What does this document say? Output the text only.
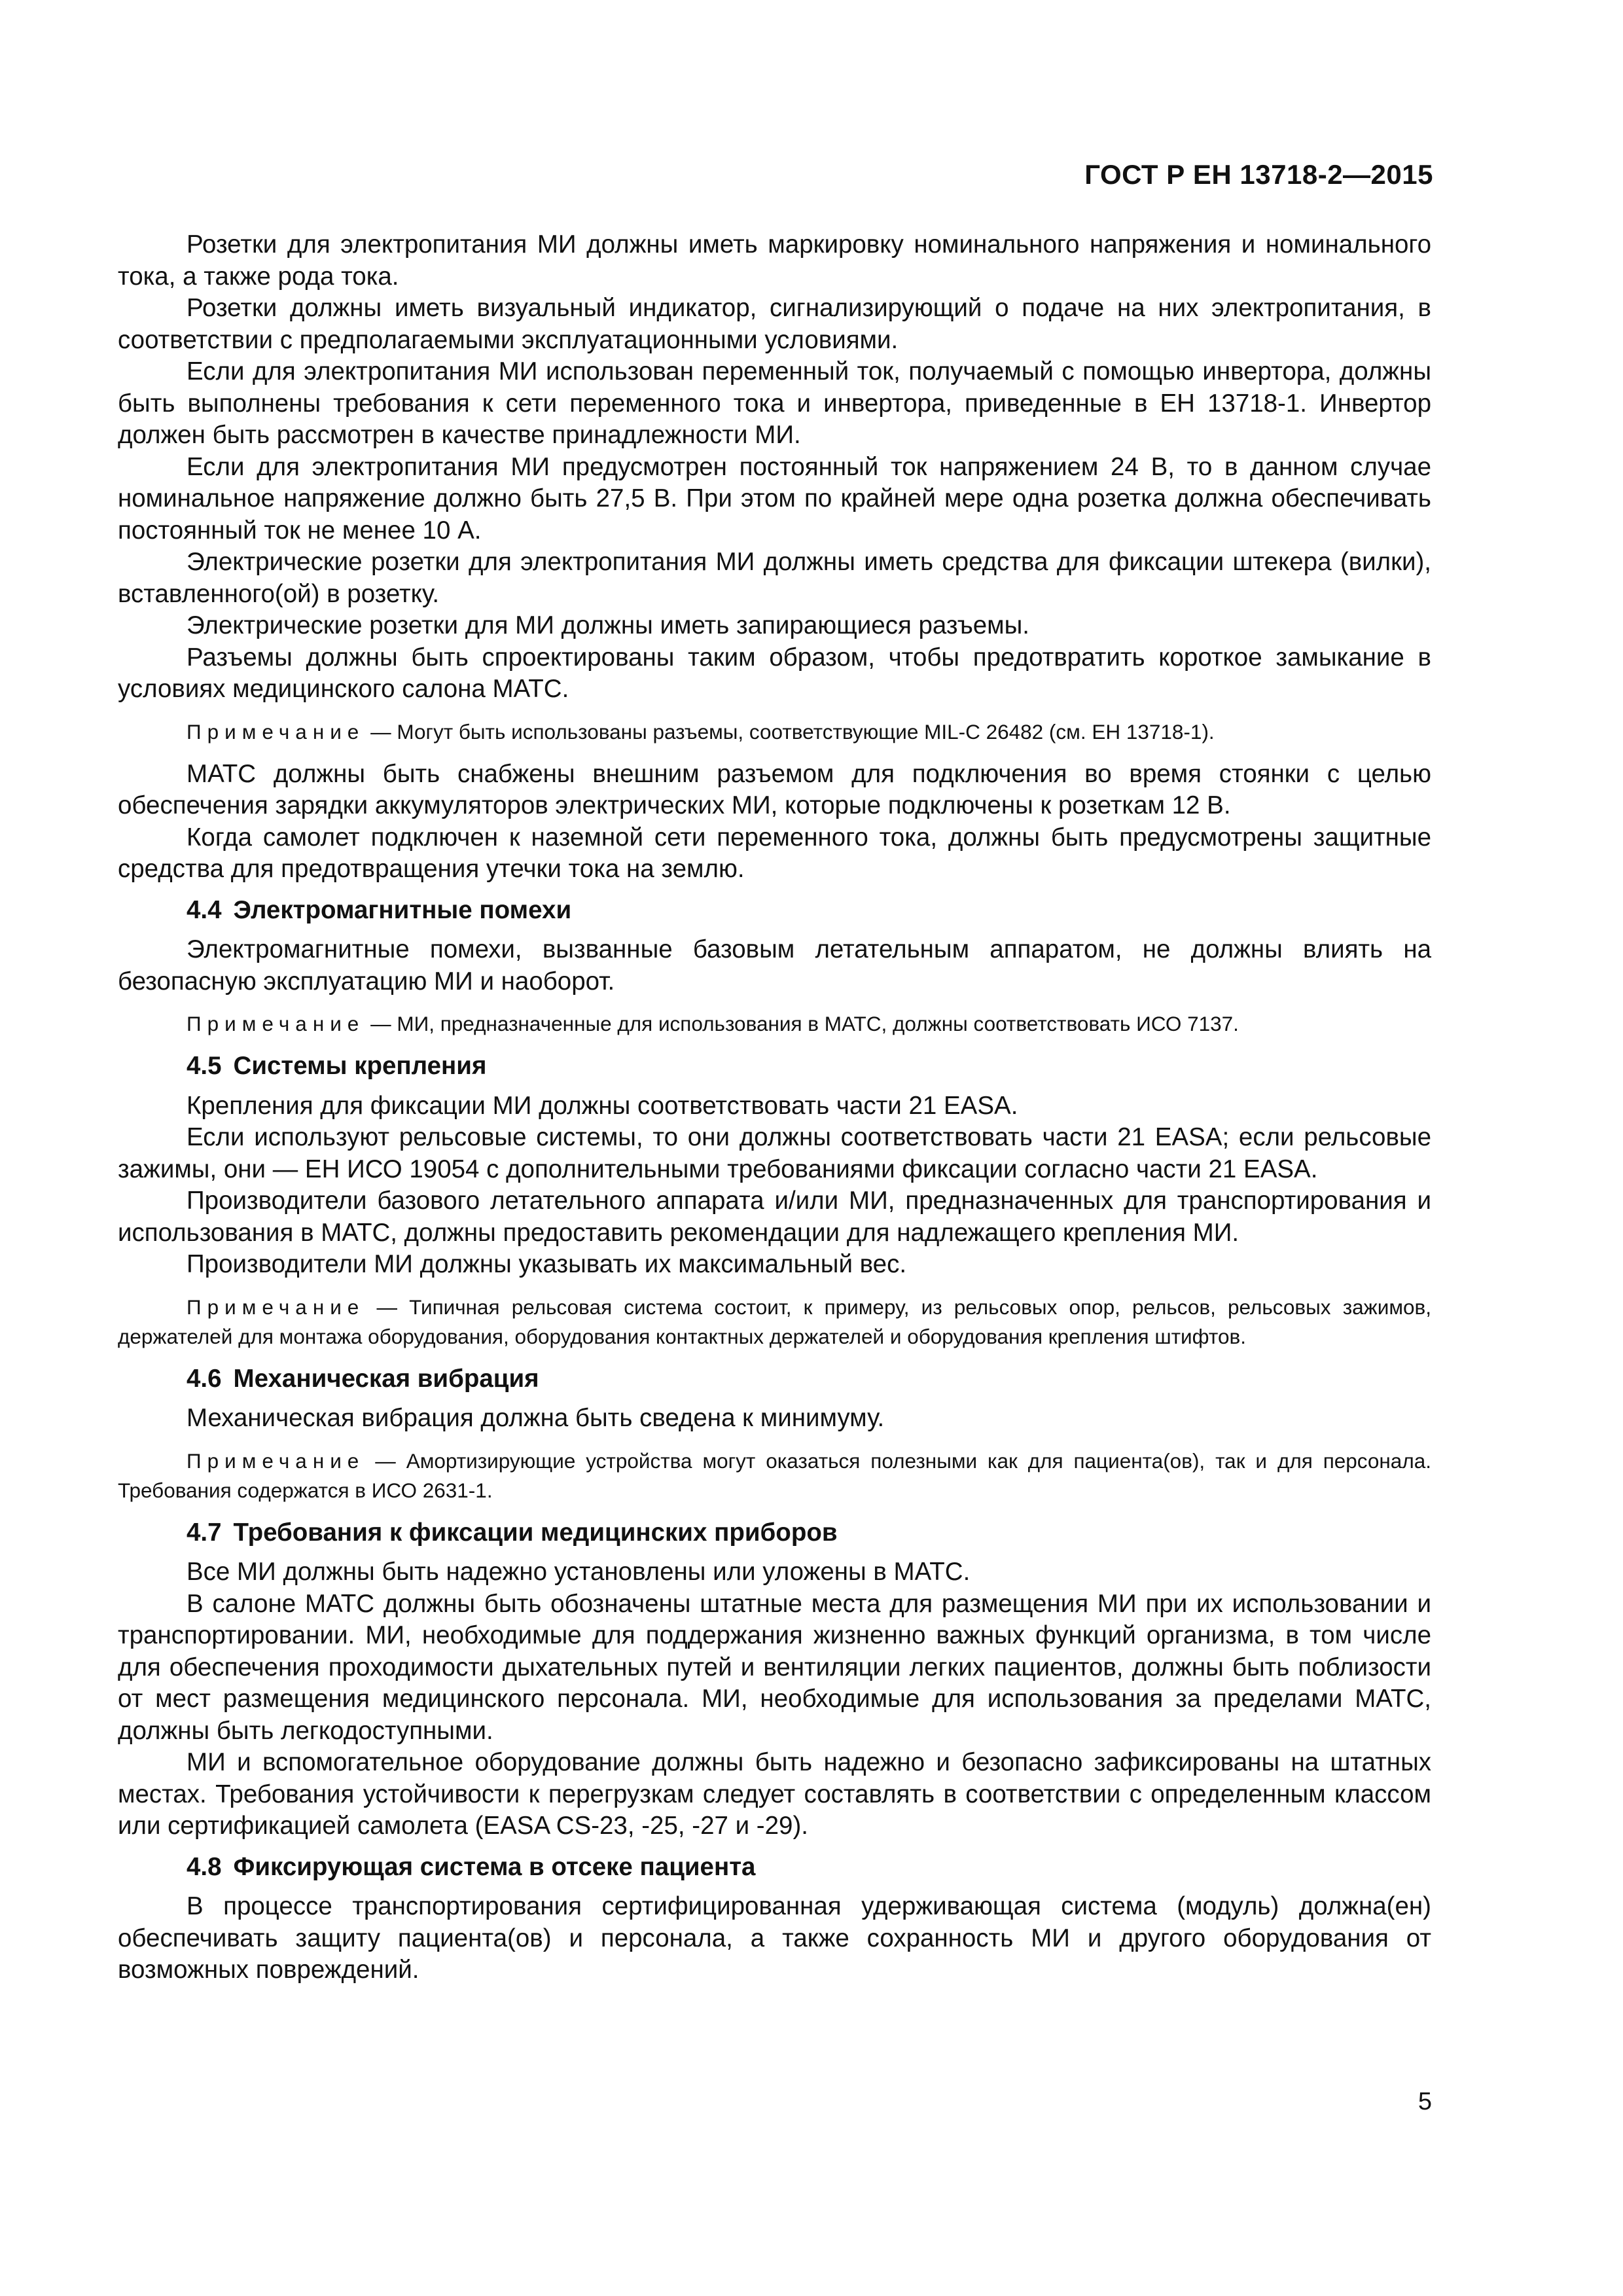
ГОСТ Р ЕН 13718-2—2015

Розетки для электропитания МИ должны иметь маркировку номинального напряжения и номинального тока, а также рода тока.

Розетки должны иметь визуальный индикатор, сигнализирующий о подаче на них электропитания, в соответствии с предполагаемыми эксплуатационными условиями.

Если для электропитания МИ использован переменный ток, получаемый с помощью инвертора, должны быть выполнены требования к сети переменного тока и инвертора, приведенные в ЕН 13718-1. Инвертор должен быть рассмотрен в качестве принадлежности МИ.

Если для электропитания МИ предусмотрен постоянный ток напряжением 24 В, то в данном случае номинальное напряжение должно быть 27,5 В. При этом по крайней мере одна розетка должна обеспечивать постоянный ток не менее 10 А.

Электрические розетки для электропитания МИ должны иметь средства для фиксации штекера (вилки), вставленного(ой) в розетку.

Электрические розетки для МИ должны иметь запирающиеся разъемы.

Разъемы должны быть спроектированы таким образом, чтобы предотвратить короткое замыкание в условиях медицинского салона МАТС.

Примечание — Могут быть использованы разъемы, соответствующие MIL-C 26482 (см. ЕН 13718-1).

МАТС должны быть снабжены внешним разъемом для подключения во время стоянки с целью обеспечения зарядки аккумуляторов электрических МИ, которые подключены к розеткам 12 В.

Когда самолет подключен к наземной сети переменного тока, должны быть предусмотрены защитные средства для предотвращения утечки тока на землю.

4.4 Электромагнитные помехи

Электромагнитные помехи, вызванные базовым летательным аппаратом, не должны влиять на безопасную эксплуатацию МИ и наоборот.

Примечание — МИ, предназначенные для использования в МАТС, должны соответствовать ИСО 7137.

4.5 Системы крепления

Крепления для фиксации МИ должны соответствовать части 21 EASA.

Если используют рельсовые системы, то они должны соответствовать части 21 EASA; если рельсовые зажимы, они — ЕН ИСО 19054 с дополнительными требованиями фиксации согласно части 21 EASA.

Производители базового летательного аппарата и/или МИ, предназначенных для транспортирования и использования в МАТС, должны предоставить рекомендации для надлежащего крепления МИ.

Производители МИ должны указывать их максимальный вес.

Примечание — Типичная рельсовая система состоит, к примеру, из рельсовых опор, рельсов, рельсовых зажимов, держателей для монтажа оборудования, оборудования контактных держателей и оборудования крепления штифтов.

4.6 Механическая вибрация

Механическая вибрация должна быть сведена к минимуму.

Примечание — Амортизирующие устройства могут оказаться полезными как для пациента(ов), так и для персонала. Требования содержатся в ИСО 2631-1.

4.7 Требования к фиксации медицинских приборов

Все МИ должны быть надежно установлены или уложены в МАТС.

В салоне МАТС должны быть обозначены штатные места для размещения МИ при их использовании и транспортировании. МИ, необходимые для поддержания жизненно важных функций организма, в том числе для обеспечения проходимости дыхательных путей и вентиляции легких пациентов, должны быть поблизости от мест размещения медицинского персонала. МИ, необходимые для использования за пределами МАТС, должны быть легкодоступными.

МИ и вспомогательное оборудование должны быть надежно и безопасно зафиксированы на штатных местах. Требования устойчивости к перегрузкам следует составлять в соответствии с определенным классом или сертификацией самолета (EASA CS-23, -25, -27 и -29).

4.8 Фиксирующая система в отсеке пациента

В процессе транспортирования сертифицированная удерживающая система (модуль) должна(ен) обеспечивать защиту пациента(ов) и персонала, а также сохранность МИ и другого оборудования от возможных повреждений.

5
